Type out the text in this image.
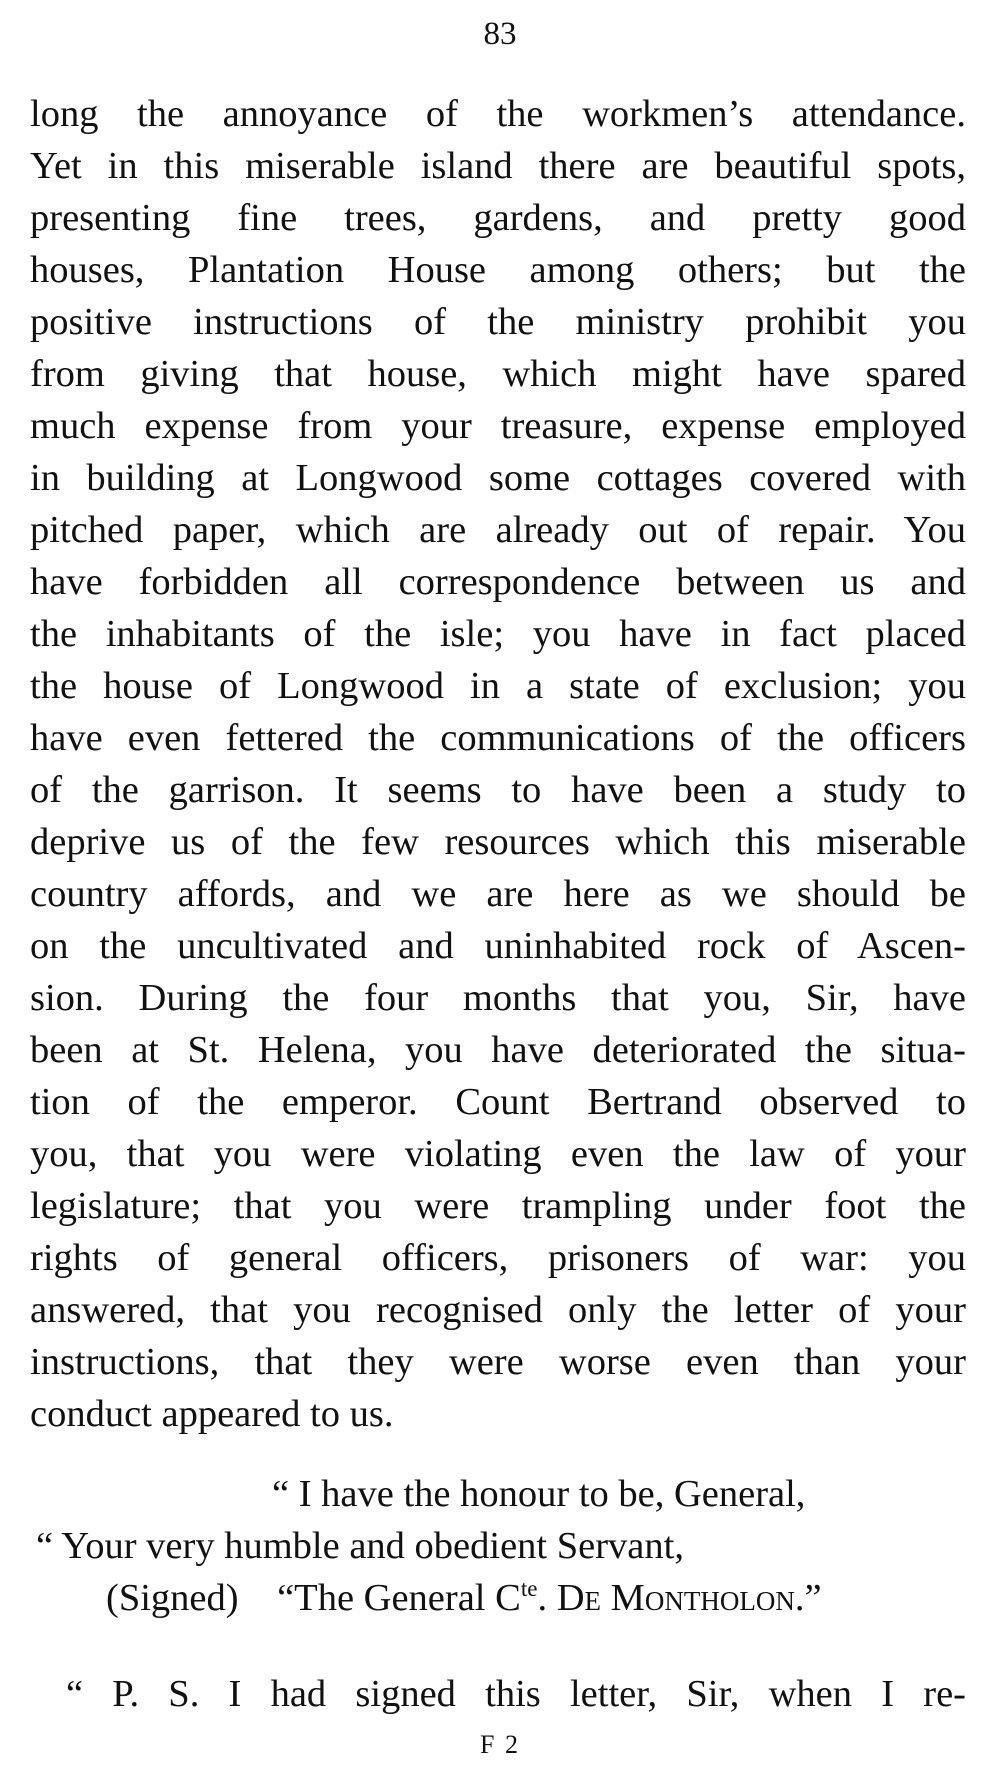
83
long the annoyance of the workmen’s attendance.
Yet in this miserable island there are beautiful spots,
presenting fine trees, gardens, and pretty good
houses, Plantation House among others; but the
positive instructions of the ministry prohibit you
from giving that house, which might have spared
much expense from your treasure, expense employed
in building at Longwood some cottages covered with
pitched paper, which are already out of repair. You
have forbidden all correspondence between us and
the inhabitants of the isle; you have in fact placed
the house of Longwood in a state of exclusion; you
have even fettered the communications of the officers
of the garrison. It seems to have been a study to
deprive us of the few resources which this miserable
country affords, and we are here as we should be
on the uncultivated and uninhabited rock of Ascen-
sion. During the four months that you, Sir, have
been at St. Helena, you have deteriorated the situa-
tion of the emperor. Count Bertrand observed to
you, that you were violating even the law of your
legislature; that you were trampling under foot the
rights of general officers, prisoners of war: you
answered, that you recognised only the letter of your
instructions, that they were worse even than your
conduct appeared to us.
“ I have the honour to be, General,
“ Your very humble and obedient Servant,
(Signed) “The General $C^{te}$. De Montholon.”
“ P. S. I had signed this letter, Sir, when I re-
F 2
